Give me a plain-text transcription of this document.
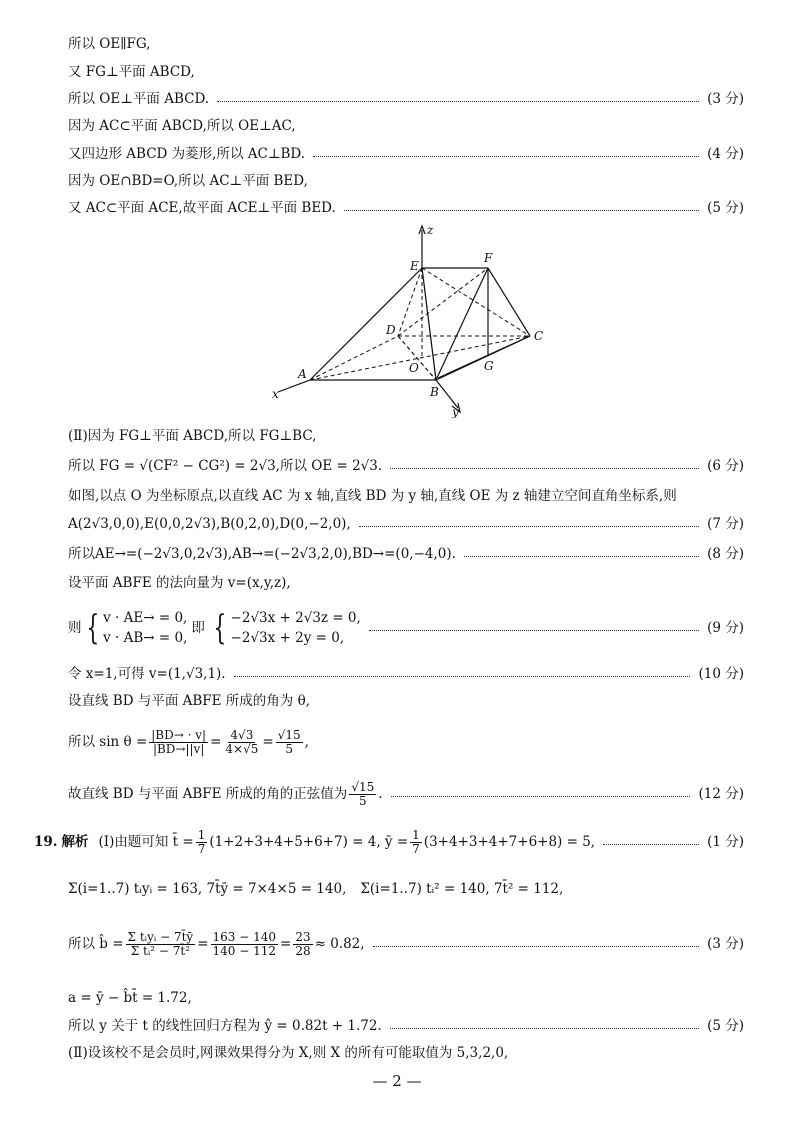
所以 OE∥FG,
又 FG⊥平面 ABCD,
所以 OE⊥平面 ABCD.	(3 分)
因为 AC⊂平面 ABCD,所以 OE⊥AC,
又四边形 ABCD 为菱形,所以 AC⊥BD.	(4 分)
因为 OE∩BD=O,所以 AC⊥平面 BED,
又 AC⊂平面 ACE,故平面 ACE⊥平面 BED.	(5 分)
z
E
F
D	C
O	G
A
B
x
y
(Ⅱ)因为 FG⊥平面 ABCD,所以 FG⊥BC,
所以 FG = √(CF² − CG²) = 2√3,所以 OE = 2√3.	(6 分)
如图,以点 O 为坐标原点,以直线 AC 为 x 轴,直线 BD 为 y 轴,直线 OE 为 z 轴建立空间直角坐标系,则
A(2√3,0,0),E(0,0,2√3),B(0,2,0),D(0,−2,0),	(7 分)
所以AE→=(−2√3,0,2√3),AB→=(−2√3,2,0),BD→=(0,−4,0).	(8 分)
设平面 ABFE 的法向量为 v=(x,y,z),
则 { v · AE→ = 0,
v · AB→ = 0,
即 { −2√3x + 2√3z = 0,
−2√3x + 2y = 0,
(9 分)
令 x=1,可得 v=(1,√3,1).	(10 分)
设直线 BD 与平面 ABFE 所成的角为 θ,
所以 $\sin \theta = \frac{|BD\to \cdot v|}{|BD\to||v|} = \frac{4√3}{4\times√5} = \frac{√15}{5}$ ,
故直线 BD 与平面 ABFE 所成的角的正弦值为 $\frac{√15}{5}$ .	(12 分)
19. 解析 (Ⅰ)由题可知 t̄ = $\frac{1}{7} (1+2+3+4+5+6+7) = 4$, ȳ = $\frac{1}{7} (3+4+3+4+7+6+8) = 5$,	(1 分)
Σ(i=1..7) tᵢyᵢ = 163, 7t̄ȳ = 7×4×5 = 140, Σ(i=1..7) tᵢ² = 140, 7t̄² = 112,
所以 b̂ = $\frac{\text{Σ tᵢyᵢ − 7t̄ȳ}}{\text{Σ tᵢ² − 7t̄²}} = \frac{163 - 140}{140 - 112} = \frac{23}{28} \approx 0.82$,	(3 分)
a = ȳ − b̂t̄ = 1.72,
所以 y 关于 t 的线性回归方程为 ŷ = 0.82t + 1.72.	(5 分)
(Ⅱ)设该校不是会员时,网课效果得分为 X,则 X 的所有可能取值为 5,3,2,0,
— 2 —
